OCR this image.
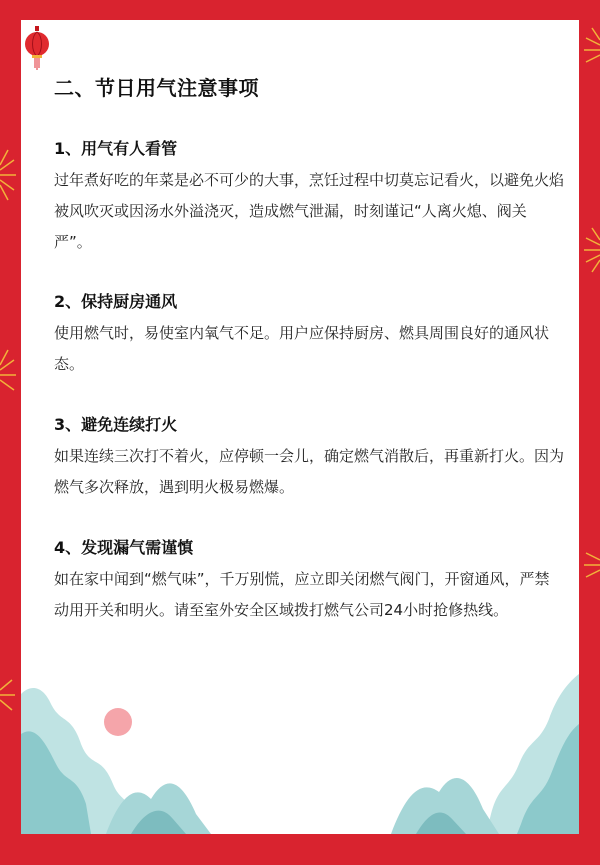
二、节日用气注意事项

1、用气有人看管

过年煮好吃的年菜是必不可少的大事，烹饪过程中切莫忘记看火，以避免火焰被风吹灭或因汤水外溢浇灭，造成燃气泄漏，时刻谨记“人离火熄、阀关严”。

2、保持厨房通风

使用燃气时，易使室内氧气不足。用户应保持厨房、燃具周围良好的通风状态。

3、避免连续打火

如果连续三次打不着火，应停顿一会儿，确定燃气消散后，再重新打火。因为燃气多次释放，遇到明火极易燃爆。

4、发现漏气需谨慎

如在家中闻到“燃气味”，千万别慌，应立即关闭燃气阀门，开窗通风，严禁动用开关和明火。请至室外安全区域拨打燃气公司24小时抢修热线。
